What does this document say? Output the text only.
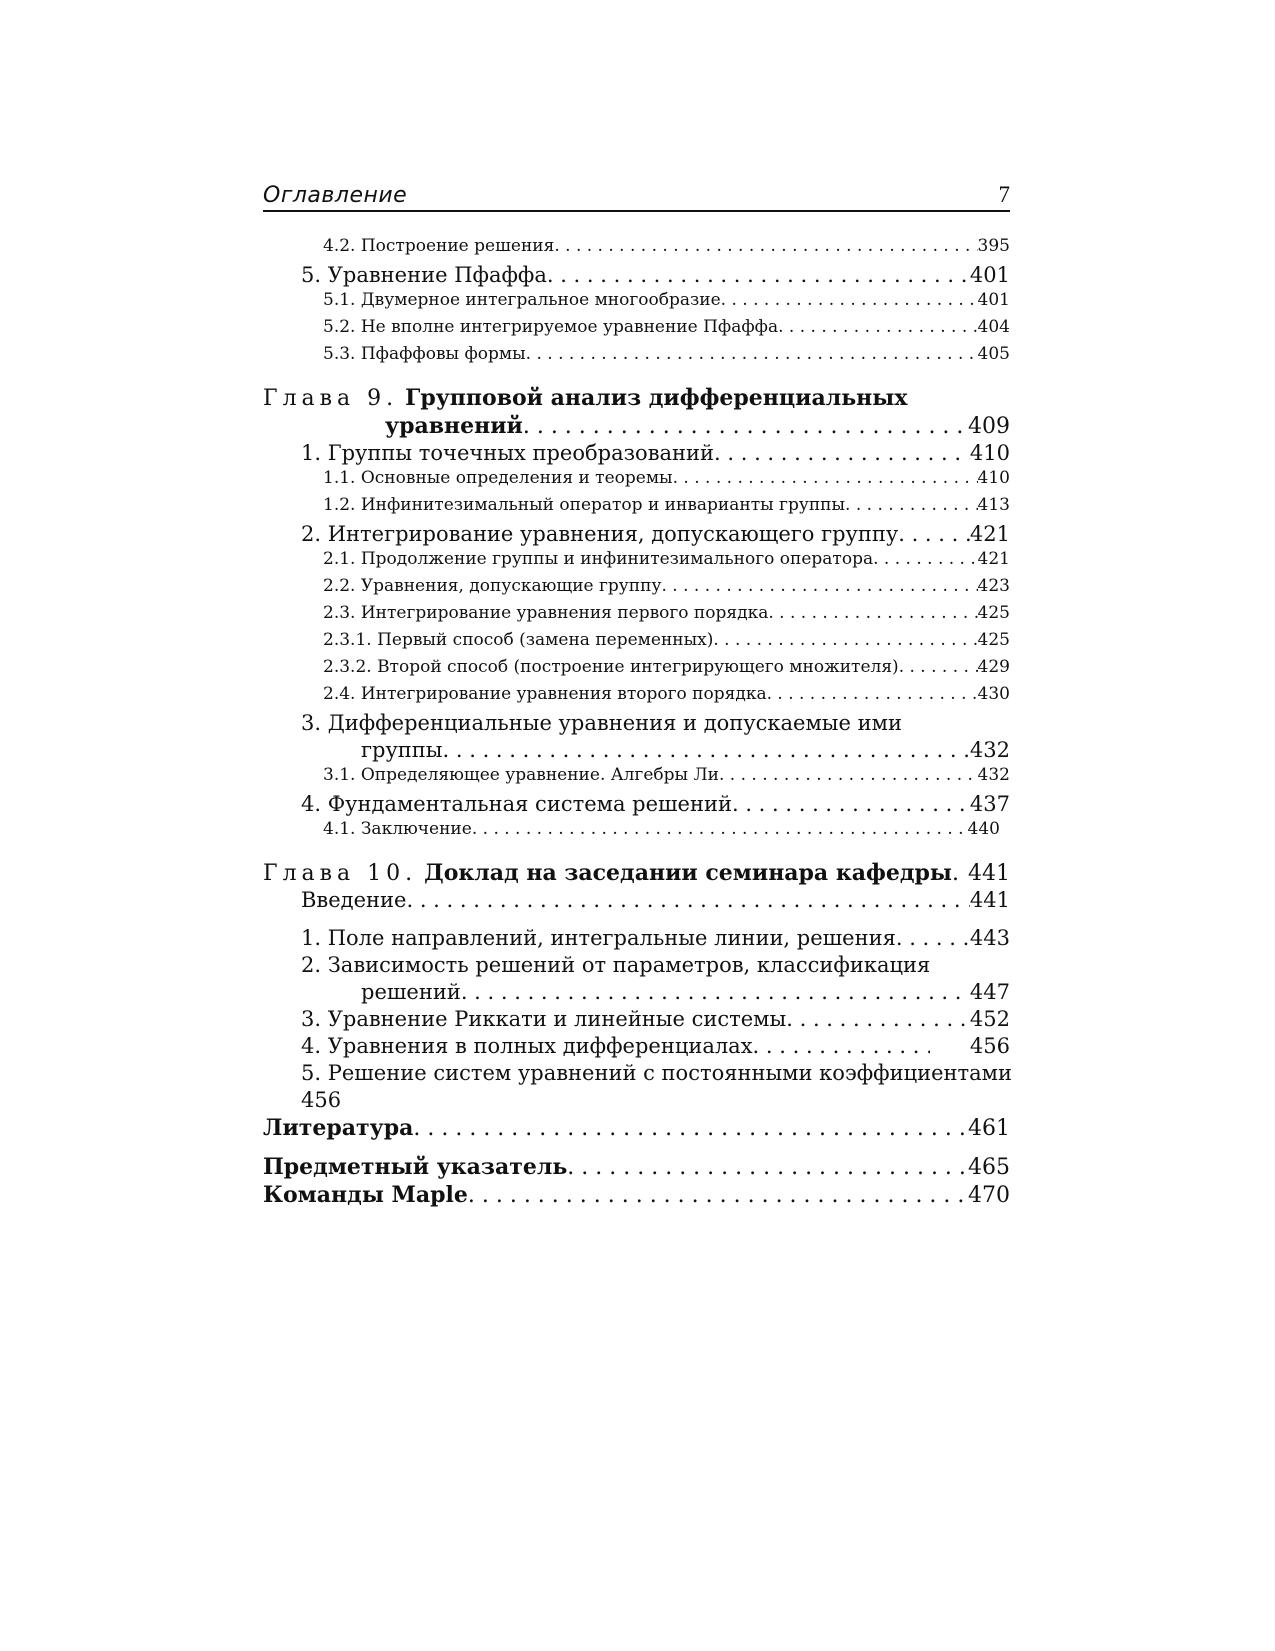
Оглавление	7
4.2. Построение решения . . .	395
5. Уравнение Пфаффа . . .	401
5.1. Двумерное интегральное многообразие . . .	401
5.2. Не вполне интегрируемое уравнение Пфаффа . . .	404
5.3. Пфаффовы формы . . .	405
Глава 9. Групповой анализ дифференциальных
уравнений . . .	409
1. Группы точечных преобразований . . .	410
1.1. Основные определения и теоремы . . .	410
1.2. Инфинитезимальный оператор и инварианты группы . . .	413
2. Интегрирование уравнения, допускающего группу . . .	421
2.1. Продолжение группы и инфинитезимального оператора . . .	421
2.2. Уравнения, допускающие группу . . .	423
2.3. Интегрирование уравнения первого порядка . . .	425
2.3.1. Первый способ (замена переменных) . . .	425
2.3.2. Второй способ (построение интегрирующего множителя) . . .	429
2.4. Интегрирование уравнения второго порядка . . .	430
3. Дифференциальные уравнения и допускаемые ими
группы . . .	432
3.1. Определяющее уравнение. Алгебры Ли . . .	432
4. Фундаментальная система решений . . .	437
4.1. Заключение . . .	440
Глава 10. Доклад на заседании семинара кафедры . . . 441
Введение . . .	441
1. Поле направлений, интегральные линии, решения . . .	443
2. Зависимость решений от параметров, классификация
решений . . .	447
3. Уравнение Риккати и линейные системы . . .	452
4. Уравнения в полных дифференциалах . . .	456
5. Решение систем уравнений с постоянными коэффициентами
456
Литература . . .	461
Предметный указатель . . .	465
Команды Maple . . .	470
